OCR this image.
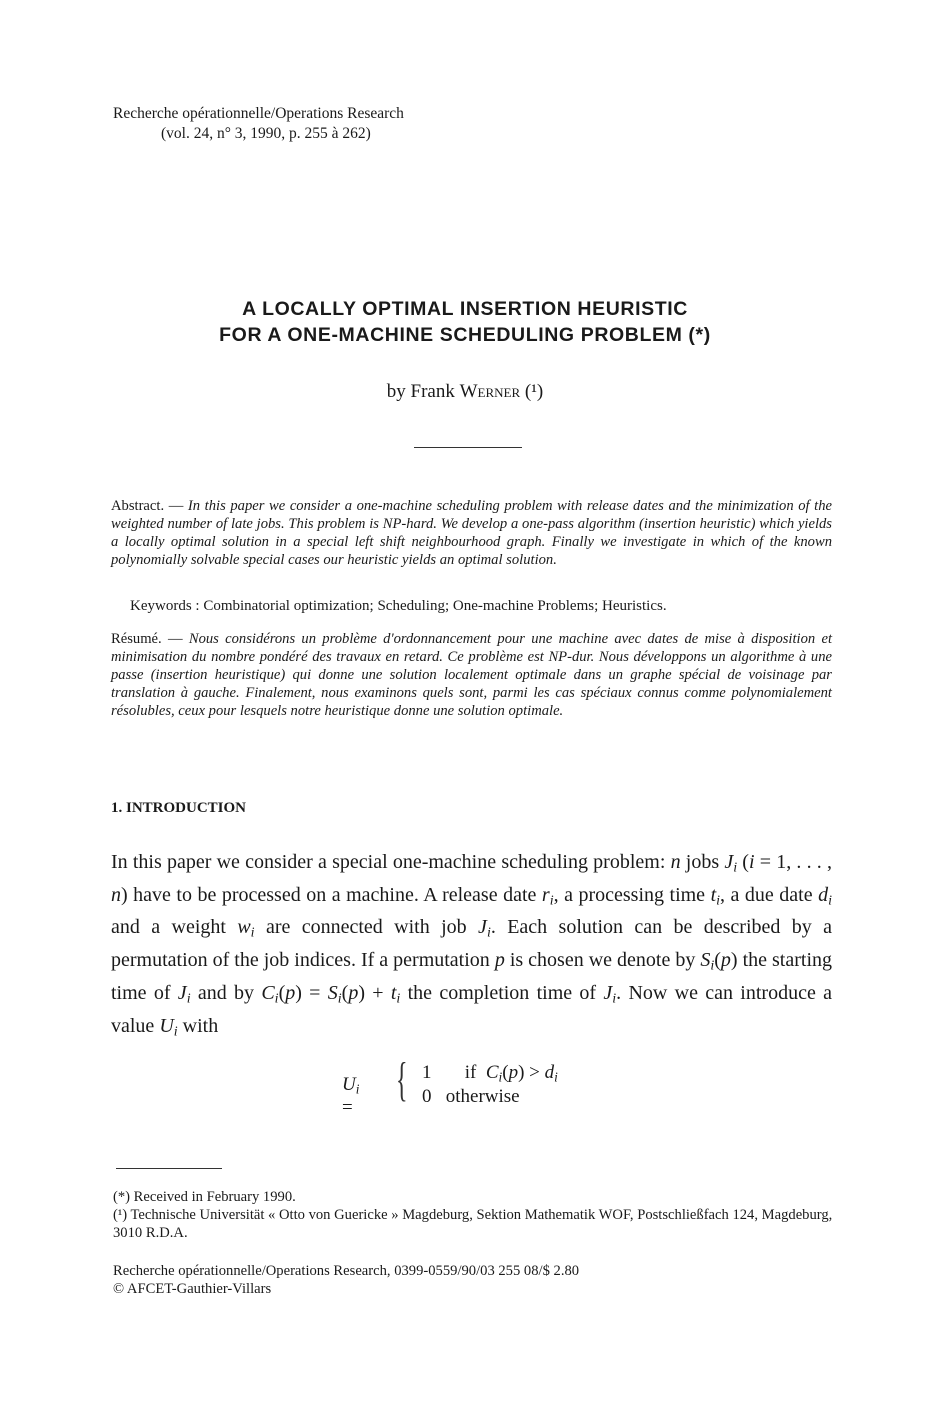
Recherche opérationnelle/Operations Research
(vol. 24, n° 3, 1990, p. 255 à 262)
A LOCALLY OPTIMAL INSERTION HEURISTIC
FOR A ONE-MACHINE SCHEDULING PROBLEM (*)
by Frank Werner (¹)
Abstract. — In this paper we consider a one-machine scheduling problem with release dates and the minimization of the weighted number of late jobs. This problem is NP-hard. We develop a one-pass algorithm (insertion heuristic) which yields a locally optimal solution in a special left shift neighbourhood graph. Finally we investigate in which of the known polynomially solvable special cases our heuristic yields an optimal solution.
Keywords : Combinatorial optimization; Scheduling; One-machine Problems; Heuristics.
Résumé. — Nous considérons un problème d'ordonnancement pour une machine avec dates de mise à disposition et minimisation du nombre pondéré des travaux en retard. Ce problème est NP-dur. Nous développons un algorithme à une passe (insertion heuristique) qui donne une solution localement optimale dans un graphe spécial de voisinage par translation à gauche. Finalement, nous examinons quels sont, parmi les cas spéciaux connus comme polynomialement résolubles, ceux pour lesquels notre heuristique donne une solution optimale.
1. INTRODUCTION
In this paper we consider a special one-machine scheduling problem: n jobs $J_i$ (i = 1, . . . , n) have to be processed on a machine. A release date $r_i$, a processing time $t_i$, a due date $d_i$ and a weight $w_i$ are connected with job $J_i$. Each solution can be described by a permutation of the job indices. If a permutation p is chosen we denote by $S_i(p)$ the starting time of $J_i$ and by $C_i(p) = S_i(p) + t_i$ the completion time of $J_i$. Now we can introduce a value $U_i$ with
$U_i$ =
{ 1 if $C_i(p) > d_i$
0 otherwise

(*) Received in February 1990.

(¹) Technische Universität « Otto von Guericke » Magdeburg, Sektion Mathematik WOF, Postschließfach 124, Magdeburg, 3010 R.D.A.

Recherche opérationnelle/Operations Research, 0399-0559/90/03 255 08/$ 2.80
© AFCET-Gauthier-Villars
